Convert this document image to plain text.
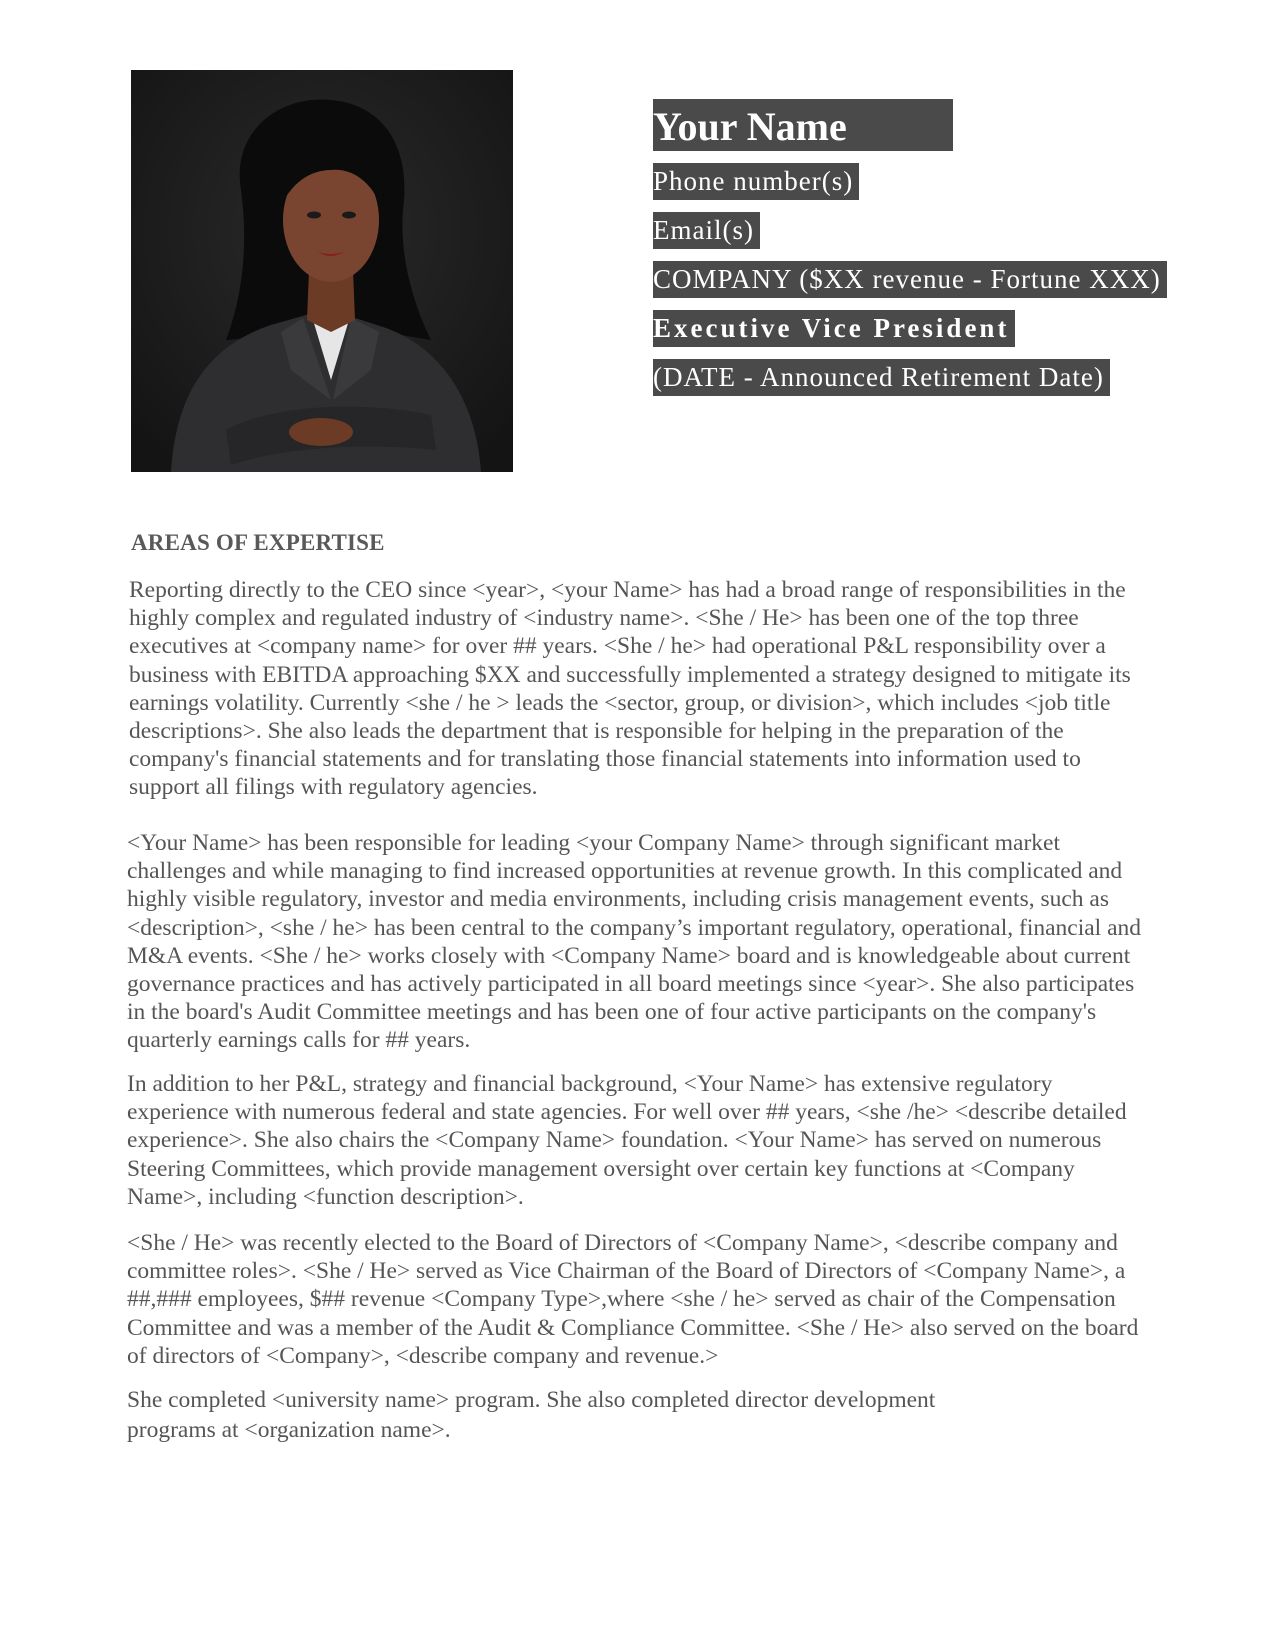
Your Name
Phone number(s)
Email(s)
COMPANY ($XX revenue - Fortune XXX)
Executive Vice President
(DATE - Announced Retirement Date)
AREAS OF EXPERTISE

Reporting directly to the CEO since <year>, <your Name> has had a broad range of responsibilities in the highly complex and regulated industry of <industry name>. <She / He> has been one of the top three executives at <company name> for over ## years. <She / he> had operational P&L responsibility over a business with EBITDA approaching $XX and successfully implemented a strategy designed to mitigate its earnings volatility. Currently <she / he > leads the <sector, group, or division>, which includes <job title descriptions>. She also leads the department that is responsible for helping in the preparation of the company's financial statements and for translating those financial statements into information used to support all filings with regulatory agencies.

<Your Name> has been responsible for leading <your Company Name> through significant market challenges and while managing to find increased opportunities at revenue growth. In this complicated and highly visible regulatory, investor and media environments, including crisis management events, such as <description>, <she / he> has been central to the company’s important regulatory, operational, financial and M&A events. <She / he> works closely with <Company Name> board and is knowledgeable about current governance practices and has actively participated in all board meetings since <year>. She also participates in the board's Audit Committee meetings and has been one of four active participants on the company's quarterly earnings calls for ## years.

In addition to her P&L, strategy and financial background, <Your Name> has extensive regulatory experience with numerous federal and state agencies. For well over ## years, <she /he> <describe detailed experience>. She also chairs the <Company Name> foundation. <Your Name> has served on numerous Steering Committees, which provide management oversight over certain key functions at <Company Name>, including <function description>.

<She / He> was recently elected to the Board of Directors of <Company Name>, <describe company and committee roles>. <She / He> served as Vice Chairman of the Board of Directors of <Company Name>, a ##,### employees, $## revenue <Company Type>,where <she / he> served as chair of the Compensation Committee and was a member of the Audit & Compliance Committee. <She / He> also served on the board of directors of <Company>, <describe company and revenue.>

She completed <university name> program. She also completed director development programs at <organization name>.
